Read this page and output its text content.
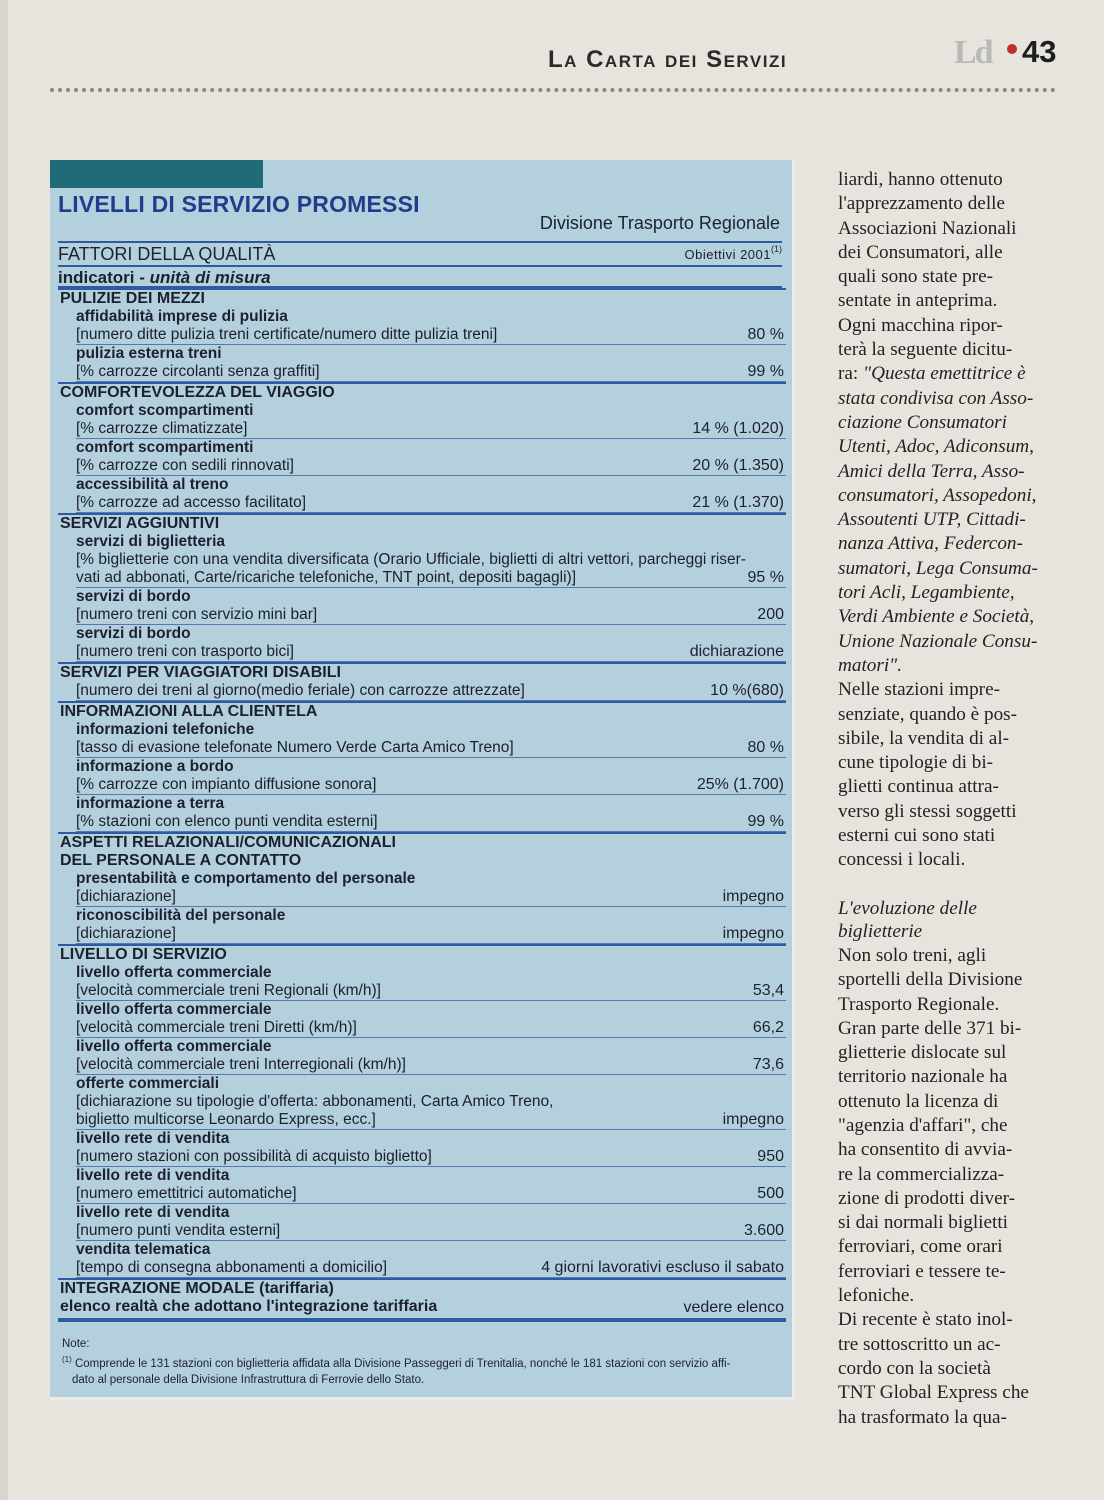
La Carta dei Servizi	Ld 43
LIVELLI DI SERVIZIO PROMESSI
Divisione Trasporto Regionale
FATTORI DELLA QUALITÀ	Obiettivi 2001$^{(1)}$
indicatori - unità di misura
PULIZIE DEI MEZZI
affidabilità imprese di pulizia
[numero ditte pulizia treni certificate/numero ditte pulizia treni]	80 %
pulizia esterna treni
[% carrozze circolanti senza graffiti]	99 %
COMFORTEVOLEZZA DEL VIAGGIO
comfort scompartimenti
[% carrozze climatizzate]	14 % (1.020)
comfort scompartimenti
[% carrozze con sedili rinnovati]	20 % (1.350)
accessibilità al treno
[% carrozze ad accesso facilitato]	21 % (1.370)
SERVIZI AGGIUNTIVI
servizi di biglietteria
[% biglietterie con una vendita diversificata (Orario Ufficiale, biglietti di altri vettori, parcheggi riser-
vati ad abbonati, Carte/ricariche telefoniche, TNT point, depositi bagagli)]	95 %
servizi di bordo
[numero treni con servizio mini bar]	200
servizi di bordo
[numero treni con trasporto bici]	dichiarazione
SERVIZI PER VIAGGIATORI DISABILI
[numero dei treni al giorno(medio feriale) con carrozze attrezzate]	10 %(680)
INFORMAZIONI ALLA CLIENTELA
informazioni telefoniche
[tasso di evasione telefonate Numero Verde Carta Amico Treno]	80 %
informazione a bordo
[% carrozze con impianto diffusione sonora]	25% (1.700)
informazione a terra
[% stazioni con elenco punti vendita esterni]	99 %
ASPETTI RELAZIONALI/COMUNICAZIONALI
DEL PERSONALE A CONTATTO
presentabilità e comportamento del personale
[dichiarazione]	impegno
riconoscibilità del personale
[dichiarazione]	impegno
LIVELLO DI SERVIZIO
livello offerta commerciale
[velocità commerciale treni Regionali (km/h)]	53,4
livello offerta commerciale
[velocità commerciale treni Diretti (km/h)]	66,2
livello offerta commerciale
[velocità commerciale treni Interregionali (km/h)]	73,6
offerte commerciali
[dichiarazione su tipologie d'offerta: abbonamenti, Carta Amico Treno,
biglietto multicorse Leonardo Express, ecc.]	impegno
livello rete di vendita
[numero stazioni con possibilità di acquisto biglietto]	950
livello rete di vendita
[numero emettitrici automatiche]	500
livello rete di vendita
[numero punti vendita esterni]	3.600
vendita telematica
[tempo di consegna abbonamenti a domicilio]	4 giorni lavorativi escluso il sabato
INTEGRAZIONE MODALE (tariffaria)
elenco realtà che adottano l'integrazione tariffaria	vedere elenco
Note:
$^{(1)}$ Comprende le 131 stazioni con biglietteria affidata alla Divisione Passeggeri di Trenitalia, nonché le 181 stazioni con servizio affi-
dato al personale della Divisione Infrastruttura di Ferrovie dello Stato.

liardi, hanno ottenuto

l'apprezzamento delle

Associazioni Nazionali

dei Consumatori, alle

quali sono state pre-

sentate in anteprima.

Ogni macchina ripor-

terà la seguente dicitu-

ra: "Questa emettitrice è

stata condivisa con Asso-

ciazione Consumatori

Utenti, Adoc, Adiconsum,

Amici della Terra, Asso-

consumatori, Assopedoni,

Assoutenti UTP, Cittadi-

nanza Attiva, Federcon-

sumatori, Lega Consuma-

tori Acli, Legambiente,

Verdi Ambiente e Società,

Unione Nazionale Consu-

matori".

Nelle stazioni impre-

senziate, quando è pos-

sibile, la vendita di al-

cune tipologie di bi-

glietti continua attra-

verso gli stessi soggetti

esterni cui sono stati

concessi i locali.

L'evoluzione delle

biglietterie

Non solo treni, agli

sportelli della Divisione

Trasporto Regionale.

Gran parte delle 371 bi-

glietterie dislocate sul

territorio nazionale ha

ottenuto la licenza di

"agenzia d'affari", che

ha consentito di avvia-

re la commercializza-

zione di prodotti diver-

si dai normali biglietti

ferroviari, come orari

ferroviari e tessere te-

lefoniche.

Di recente è stato inol-

tre sottoscritto un ac-

cordo con la società

TNT Global Express che

ha trasformato la qua-
